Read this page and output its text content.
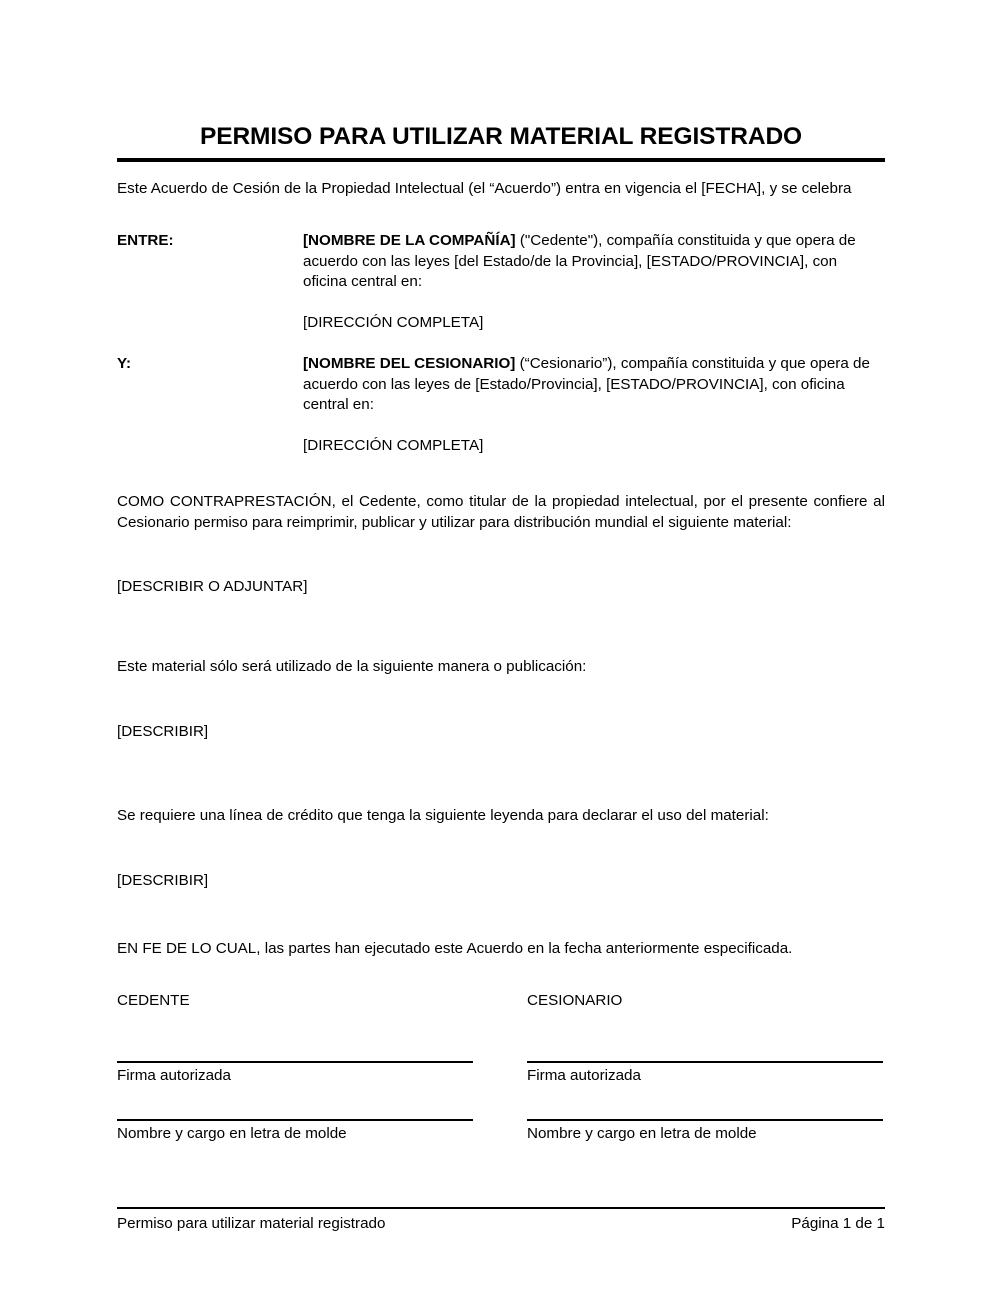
PERMISO PARA UTILIZAR MATERIAL REGISTRADO

Este Acuerdo de Cesión de la Propiedad Intelectual (el “Acuerdo”) entra en vigencia el [FECHA], y se celebra

ENTRE:	[NOMBRE DE LA COMPAÑÍA] ("Cedente"), compañía constituida y que opera de acuerdo con las leyes [del Estado/de la Provincia], [ESTADO/PROVINCIA], con oficina central en:

[DIRECCIÓN COMPLETA]

Y:	[NOMBRE DEL CESIONARIO] (“Cesionario”), compañía constituida y que opera de acuerdo con las leyes de [Estado/Provincia], [ESTADO/PROVINCIA], con oficina central en:

[DIRECCIÓN COMPLETA]

COMO CONTRAPRESTACIÓN, el Cedente, como titular de la propiedad intelectual, por el presente confiere al Cesionario permiso para reimprimir, publicar y utilizar para distribución mundial el siguiente material:

[DESCRIBIR O ADJUNTAR]

Este material sólo será utilizado de la siguiente manera o publicación:

[DESCRIBIR]

Se requiere una línea de crédito que tenga la siguiente leyenda para declarar el uso del material:

[DESCRIBIR]

EN FE DE LO CUAL, las partes han ejecutado este Acuerdo en la fecha anteriormente especificada.

CEDENTE
Firma autorizada
Nombre y cargo en letra de molde
CESIONARIO
Firma autorizada
Nombre y cargo en letra de molde
Permiso para utilizar material registrado	Página 1 de 1
